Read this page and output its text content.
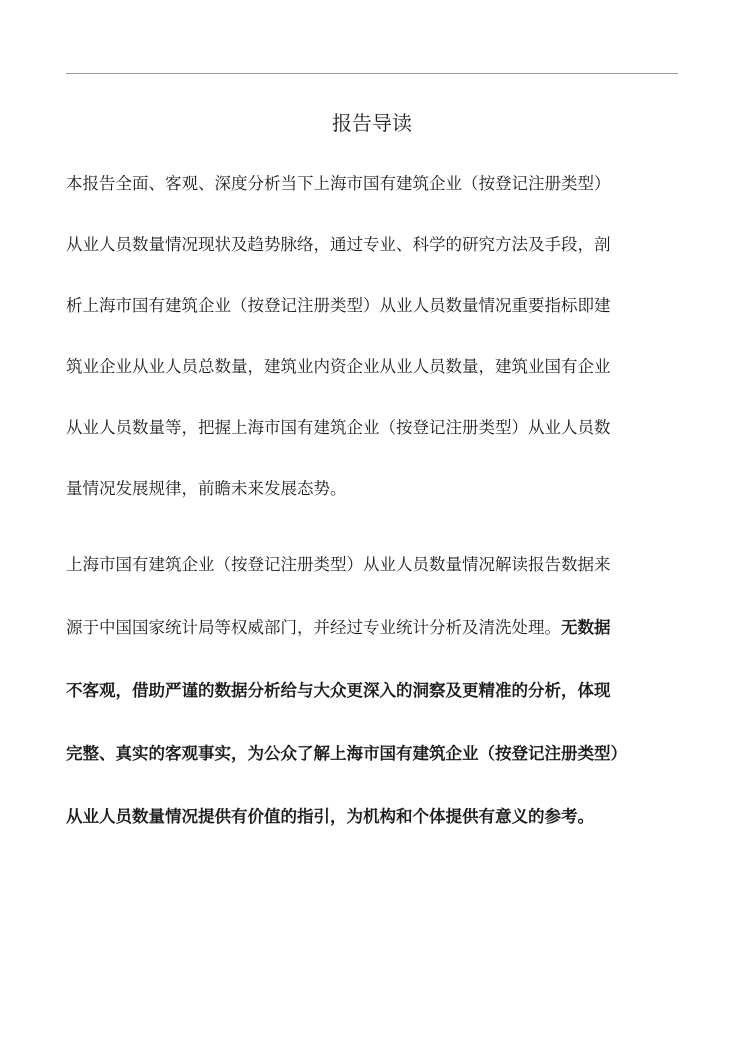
报告导读
本报告全面、客观、深度分析当下上海市国有建筑企业（按登记注册类型）
从业人员数量情况现状及趋势脉络，通过专业、科学的研究方法及手段，剖
析上海市国有建筑企业（按登记注册类型）从业人员数量情况重要指标即建
筑业企业从业人员总数量，建筑业内资企业从业人员数量，建筑业国有企业
从业人员数量等，把握上海市国有建筑企业（按登记注册类型）从业人员数
量情况发展规律，前瞻未来发展态势。
上海市国有建筑企业（按登记注册类型）从业人员数量情况解读报告数据来
源于中国国家统计局等权威部门，并经过专业统计分析及清洗处理。无数据
不客观，借助严谨的数据分析给与大众更深入的洞察及更精准的分析，体现
完整、真实的客观事实，为公众了解上海市国有建筑企业（按登记注册类型）
从业人员数量情况提供有价值的指引，为机构和个体提供有意义的参考。
